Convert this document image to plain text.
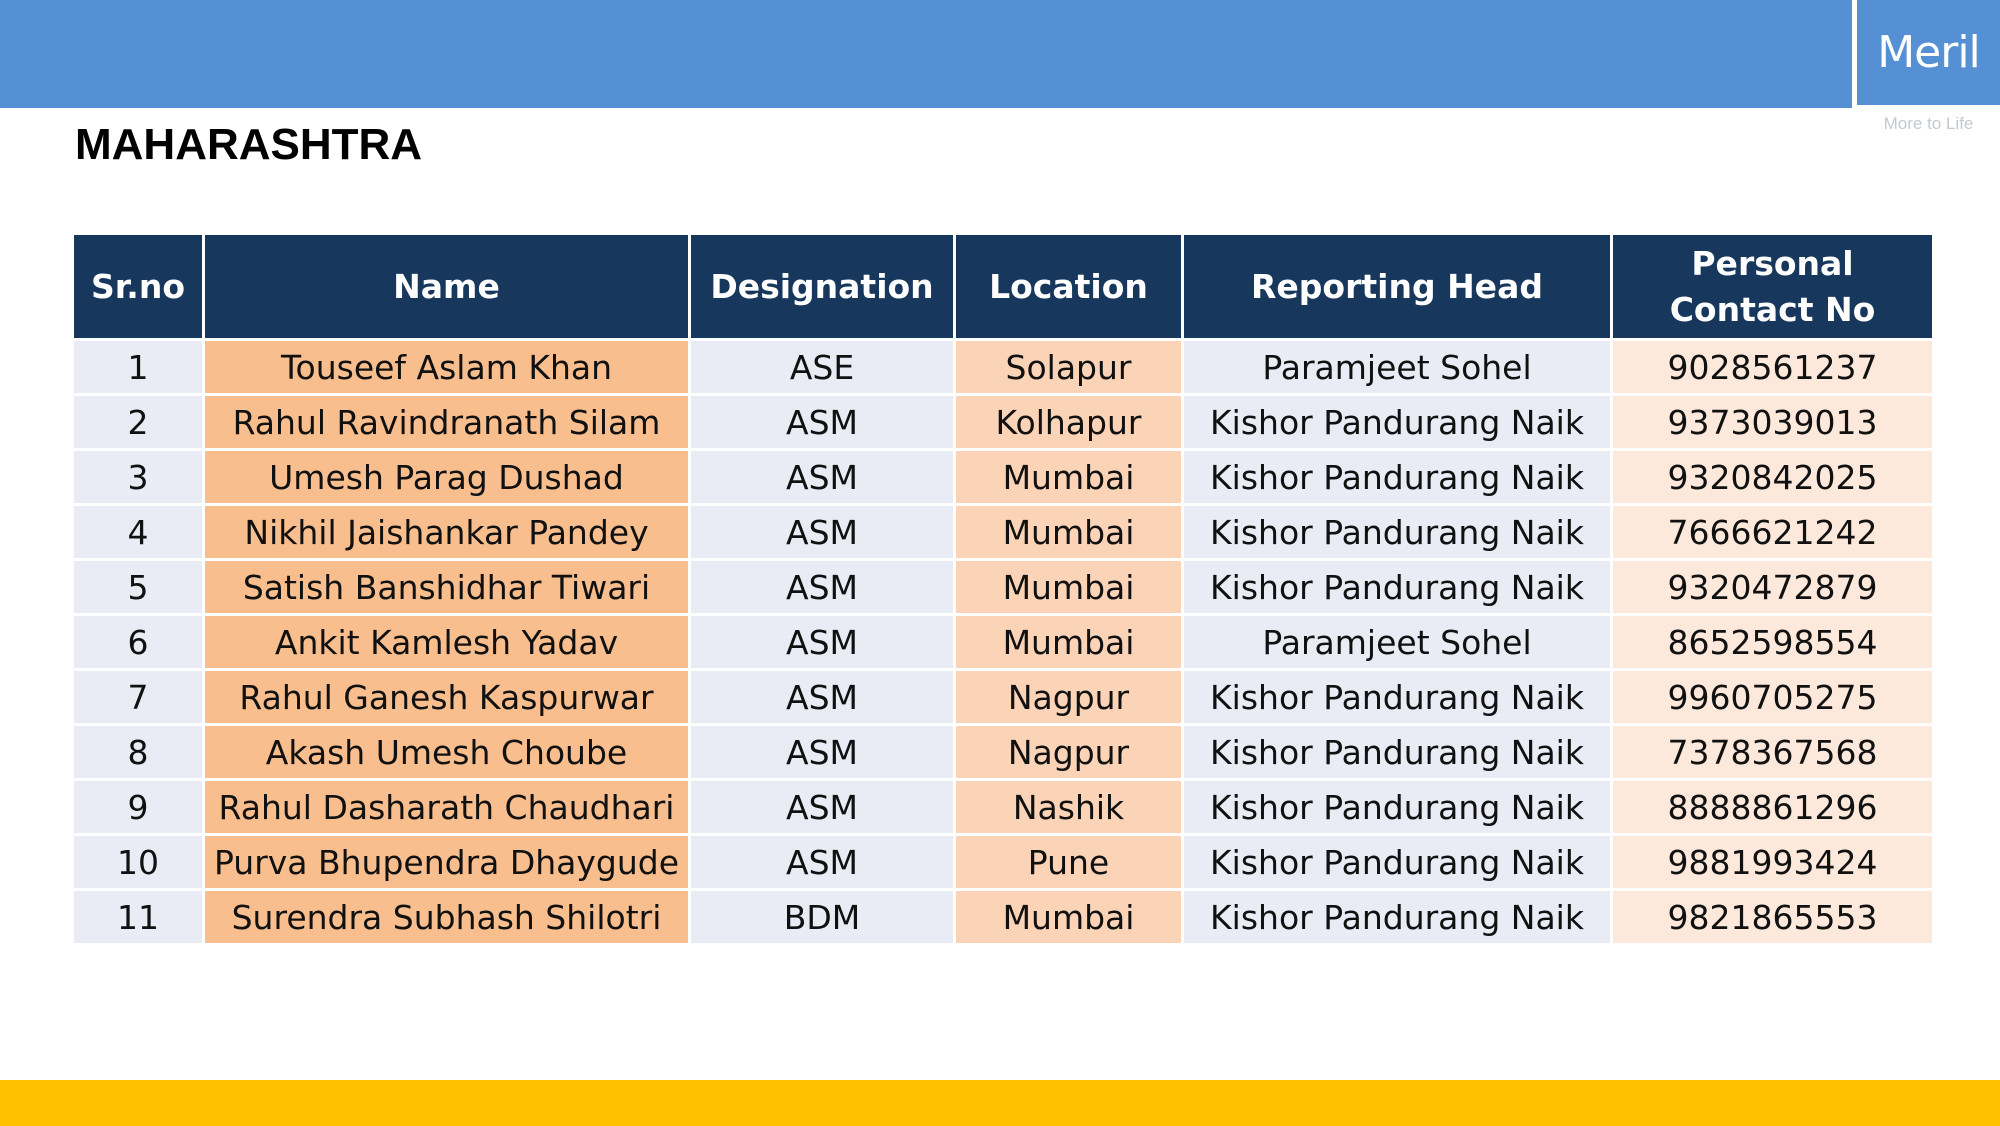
Meril
More to Life
MAHARASHTRA
Sr.no	Name	Designation	Location	Reporting Head	Personal Contact No
1	Touseef Aslam Khan	ASE	Solapur	Paramjeet Sohel	9028561237
2	Rahul Ravindranath Silam	ASM	Kolhapur	Kishor Pandurang Naik	9373039013
3	Umesh Parag Dushad	ASM	Mumbai	Kishor Pandurang Naik	9320842025
4	Nikhil Jaishankar Pandey	ASM	Mumbai	Kishor Pandurang Naik	7666621242
5	Satish Banshidhar Tiwari	ASM	Mumbai	Kishor Pandurang Naik	9320472879
6	Ankit Kamlesh Yadav	ASM	Mumbai	Paramjeet Sohel	8652598554
7	Rahul Ganesh Kaspurwar	ASM	Nagpur	Kishor Pandurang Naik	9960705275
8	Akash Umesh Choube	ASM	Nagpur	Kishor Pandurang Naik	7378367568
9	Rahul Dasharath Chaudhari	ASM	Nashik	Kishor Pandurang Naik	8888861296
10	Purva Bhupendra Dhaygude	ASM	Pune	Kishor Pandurang Naik	9881993424
11	Surendra Subhash Shilotri	BDM	Mumbai	Kishor Pandurang Naik	9821865553
